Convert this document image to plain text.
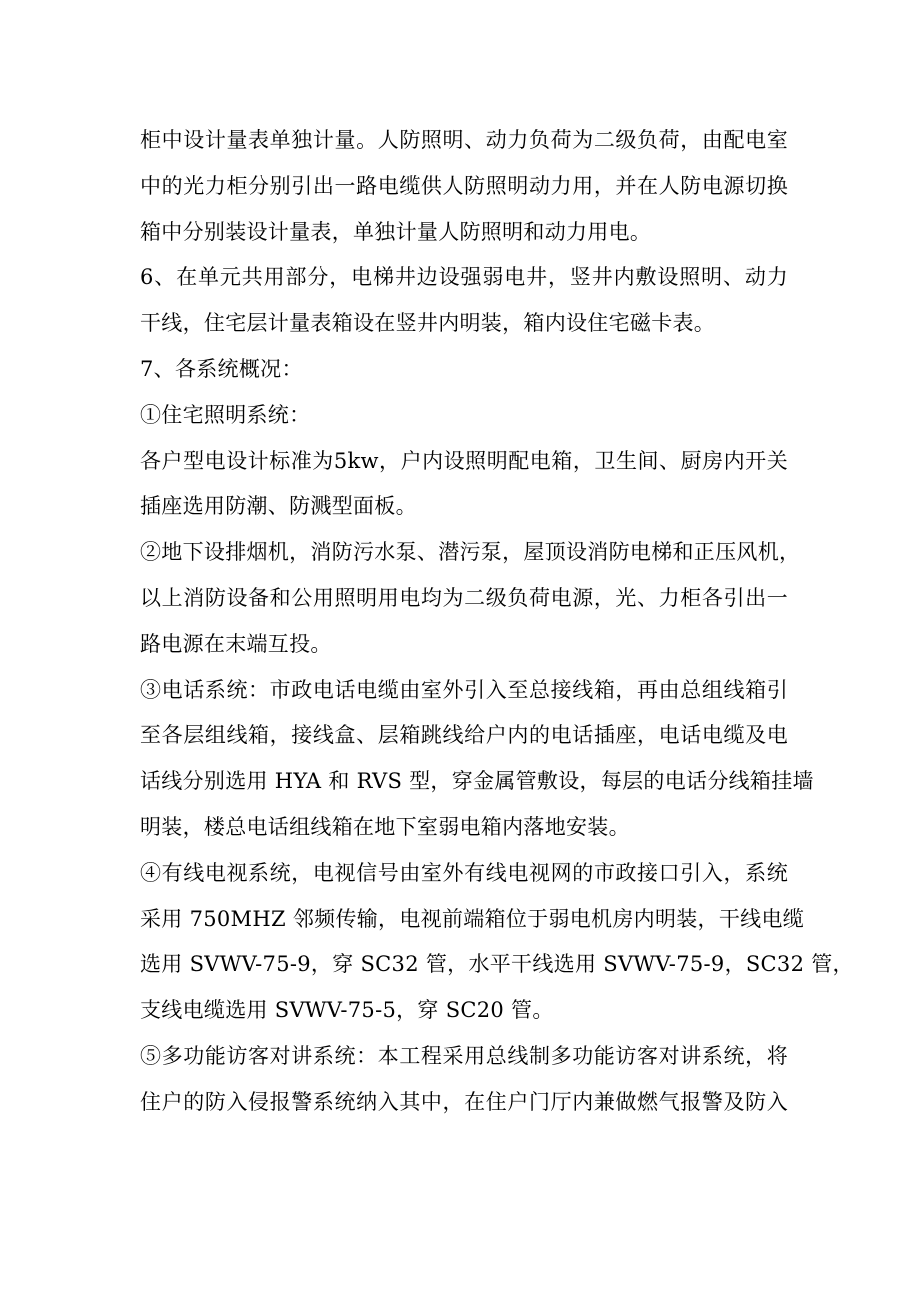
柜中设计量表单独计量。人防照明、动力负荷为二级负荷，由配电室
中的光力柜分别引出一路电缆供人防照明动力用，并在人防电源切换
箱中分别装设计量表，单独计量人防照明和动力用电。
6、在单元共用部分，电梯井边设强弱电井，竖井内敷设照明、动力
干线，住宅层计量表箱设在竖井内明装，箱内设住宅磁卡表。
7、各系统概况：
①住宅照明系统：
各户型电设计标准为5kw，户内设照明配电箱，卫生间、厨房内开关
插座选用防潮、防溅型面板。
②地下设排烟机，消防污水泵、潜污泵，屋顶设消防电梯和正压风机，
以上消防设备和公用照明用电均为二级负荷电源，光、力柜各引出一
路电源在末端互投。
③电话系统：市政电话电缆由室外引入至总接线箱，再由总组线箱引
至各层组线箱，接线盒、层箱跳线给户内的电话插座，电话电缆及电
话线分别选用 HYA 和 RVS 型，穿金属管敷设，每层的电话分线箱挂墙
明装，楼总电话组线箱在地下室弱电箱内落地安装。
④有线电视系统，电视信号由室外有线电视网的市政接口引入，系统
采用 750MHZ 邻频传输，电视前端箱位于弱电机房内明装，干线电缆
选用 SVWV-75-9，穿 SC32 管，水平干线选用 SVWV-75-9，SC32 管，
支线电缆选用 SVWV-75-5，穿 SC20 管。
⑤多功能访客对讲系统：本工程采用总线制多功能访客对讲系统，将
住户的防入侵报警系统纳入其中，在住户门厅内兼做燃气报警及防入
